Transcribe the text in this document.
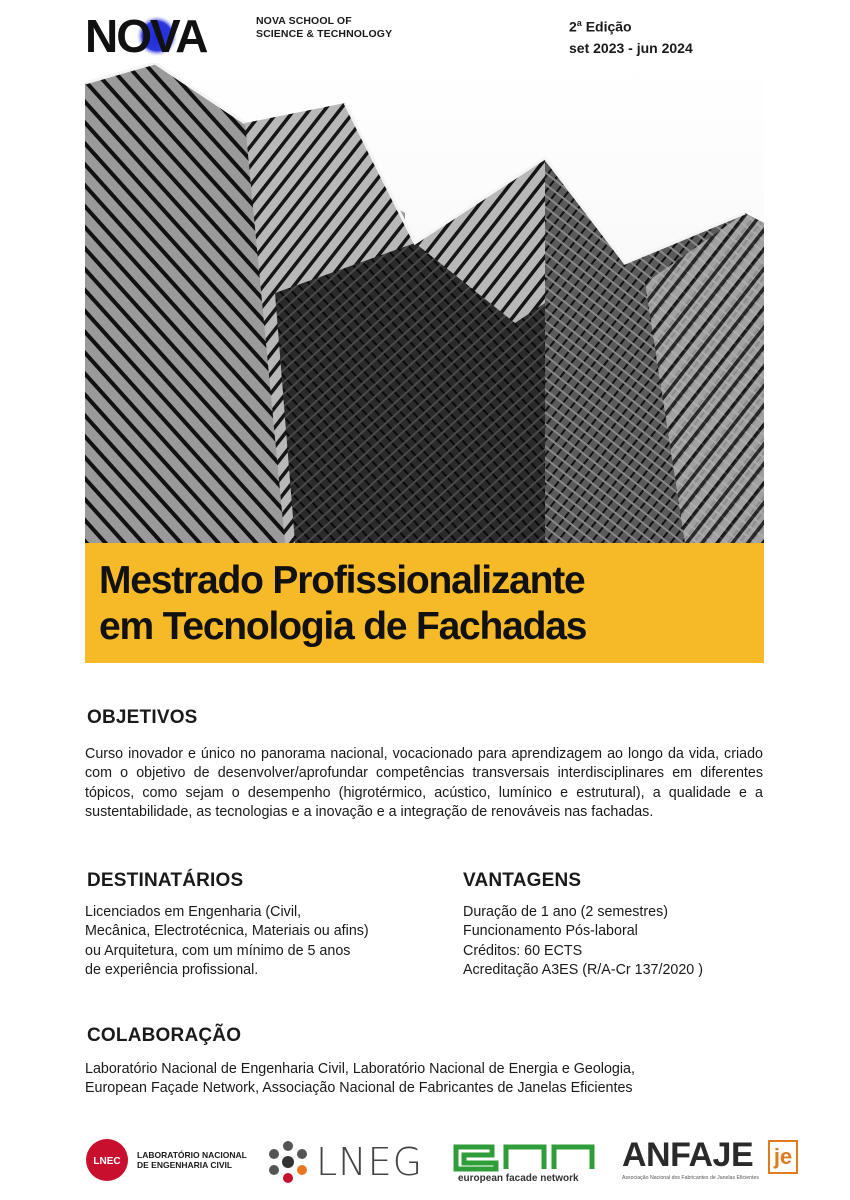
NOVA	NOVA SCHOOL OF
SCIENCE & TECHNOLOGY	2$^a$ Edição
set 2023 - jun 2024
Mestrado Profissionalizante
em Tecnologia de Fachadas
OBJETIVOS
Curso inovador e único no panorama nacional, vocacionado para aprendizagem ao longo da vida, criado com o objetivo de desenvolver/aprofundar competências transversais interdisciplinares em diferentes tópicos, como sejam o desempenho (higrotérmico, acústico, lumínico e estrutural), a qualidade e a sustentabilidade, as tecnologias e a inovação e a integração de renováveis nas fachadas.
DESTINATÁRIOS
Licenciados em Engenharia (Civil,
Mecânica, Electrotécnica, Materiais ou afins)
ou Arquitetura, com um mínimo de 5 anos
de experiência profissional.
VANTAGENS
Duração de 1 ano (2 semestres)
Funcionamento Pós-laboral
Créditos: 60 ECTS
Acreditação A3ES (R/A-Cr 137/2020 )
COLABORAÇÃO
Laboratório Nacional de Engenharia Civil, Laboratório Nacional de Energia e Geologia,
European Façade Network, Associação Nacional de Fabricantes de Janelas Eficientes
LNEC
LABORATÓRIO NACIONAL
DE ENGENHARIA CIVIL	LNEG	european facade network
ANFAJE je
Associação Nacional dos Fabricantes de Janelas Eficientes
